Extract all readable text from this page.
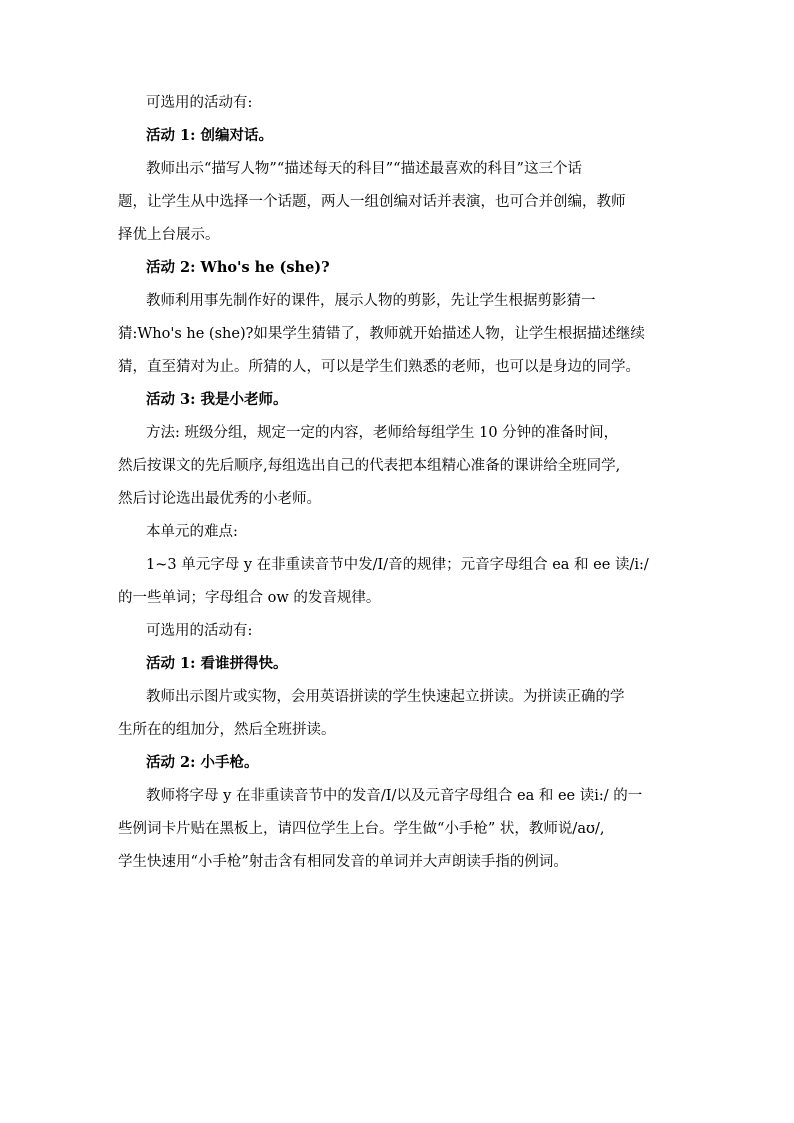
可选用的活动有:
活动 1: 创编对话。
教师出示“描写人物”“描述每天的科目”“描述最喜欢的科目”这三个话
题，让学生从中选择一个话题，两人一组创编对话并表演，也可合并创编，教师
择优上台展示。
活动 2: Who's he (she)?
教师利用事先制作好的课件，展示人物的剪影，先让学生根据剪影猜一
猜:Who's he (she)?如果学生猜错了，教师就开始描述人物，让学生根据描述继续
猜，直至猜对为止。所猜的人，可以是学生们熟悉的老师，也可以是身边的同学。
活动 3: 我是小老师。
方法: 班级分组，规定一定的内容，老师给每组学生 10 分钟的准备时间，
然后按课文的先后顺序,每组选出自己的代表把本组精心准备的课讲给全班同学,
然后讨论选出最优秀的小老师。
本单元的难点:
1~3 单元字母 y 在非重读音节中发/I/音的规律；元音字母组合 ea 和 ee 读/i:/
的一些单词；字母组合 ow 的发音规律。
可选用的活动有:
活动 1: 看谁拼得快。
教师出示图片或实物，会用英语拼读的学生快速起立拼读。为拼读正确的学
生所在的组加分，然后全班拼读。
活动 2: 小手枪。
教师将字母 y 在非重读音节中的发音/I/以及元音字母组合 ea 和 ee 读i:/ 的一
些例词卡片贴在黑板上，请四位学生上台。学生做“小手枪” 状，教师说/aʊ/,
学生快速用“小手枪”射击含有相同发音的单词并大声朗读手指的例词。
